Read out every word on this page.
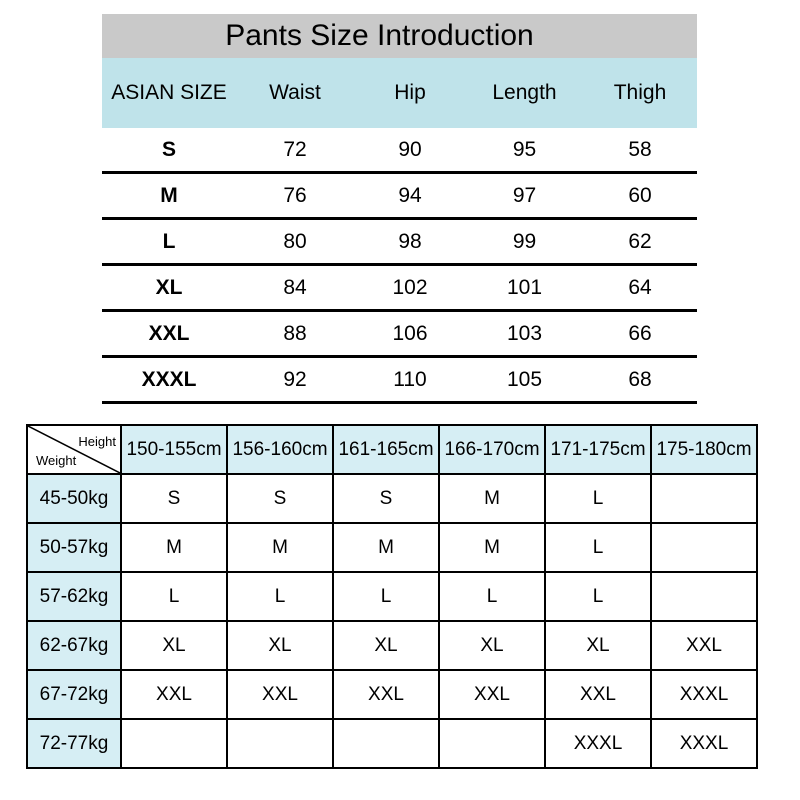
Pants Size Introduction
ASIAN SIZE	Waist	Hip	Length	Thigh
S	72	90	95	58
M	76	94	97	60
L	80	98	99	62
XL	84	102	101	64
XXL	88	106	103	66
XXXL	92	110	105	68
Height
Weight	150-155cm	156-160cm	161-165cm	166-170cm	171-175cm	175-180cm
45-50kg	S	S	S	M	L	
50-57kg	M	M	M	M	L	
57-62kg	L	L	L	L	L	
62-67kg	XL	XL	XL	XL	XL	XXL
67-72kg	XXL	XXL	XXL	XXL	XXL	XXXL
72-77kg					XXXL	XXXL
